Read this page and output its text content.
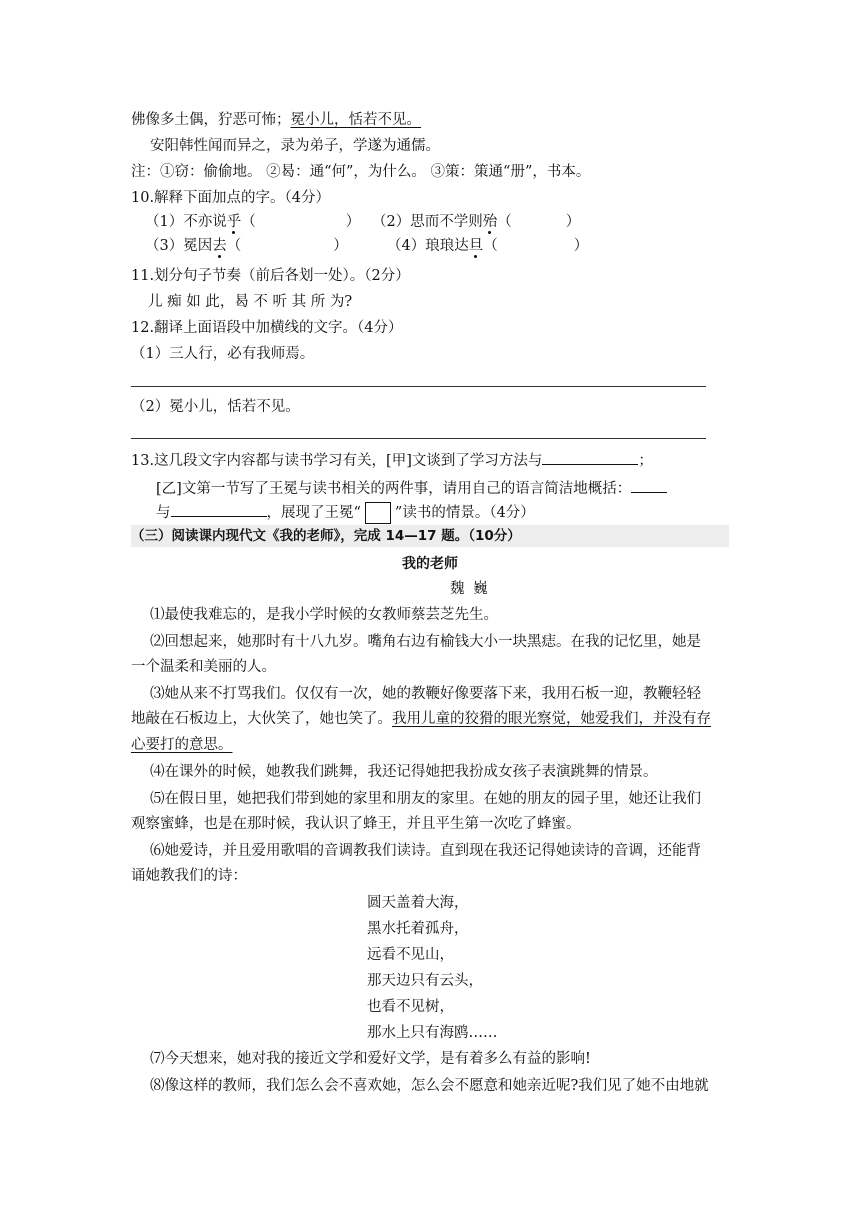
佛像多土偶，狞恶可怖；冕小儿，恬若不见。
安阳韩性闻而异之，录为弟子，学遂为通儒。
注：①窃：偷偷地。 ②曷：通“何”，为什么。 ③策：策通“册”，书本。
10.解释下面加点的字。（4分）
（1）不亦说乎（	） （2）思而不学则殆（	）
（3）冕因去（	）	（4）琅琅达旦（	）
11.划分句子节奏（前后各划一处）。（2分）
儿 痴 如 此，曷 不 听 其 所 为?
12.翻译上面语段中加横线的文字。（4分）
（1）三人行，必有我师焉。
（2）冕小儿，恬若不见。
13.这几段文字内容都与读书学习有关，[甲]文谈到了学习方法与	；
[乙]文第一节写了王冕与读书相关的两件事，请用自己的语言简洁地概括：
与	，展现了王冕“ ”读书的情景。（4分）
（三）阅读课内现代文《我的老师》，完成 14—17 题。（10分）
我的老师
魏 巍
⑴最使我难忘的，是我小学时候的女教师蔡芸芝先生。
⑵回想起来，她那时有十八九岁。嘴角右边有榆钱大小一块黑痣。在我的记忆里，她是
一个温柔和美丽的人。
⑶她从来不打骂我们。仅仅有一次，她的教鞭好像要落下来，我用石板一迎，教鞭轻轻
地敲在石板边上，大伙笑了，她也笑了。我用儿童的狡猾的眼光察觉，她爱我们，并没有存
心要打的意思。
⑷在课外的时候，她教我们跳舞，我还记得她把我扮成女孩子表演跳舞的情景。
⑸在假日里，她把我们带到她的家里和朋友的家里。在她的朋友的园子里，她还让我们
观察蜜蜂，也是在那时候，我认识了蜂王，并且平生第一次吃了蜂蜜。
⑹她爱诗，并且爱用歌唱的音调教我们读诗。直到现在我还记得她读诗的音调，还能背
诵她教我们的诗：
圆天盖着大海，
黑水托着孤舟，
远看不见山，
那天边只有云头，
也看不见树，
那水上只有海鸥……
⑺今天想来，她对我的接近文学和爱好文学，是有着多么有益的影响!
⑻像这样的教师，我们怎么会不喜欢她，怎么会不愿意和她亲近呢?我们见了她不由地就
